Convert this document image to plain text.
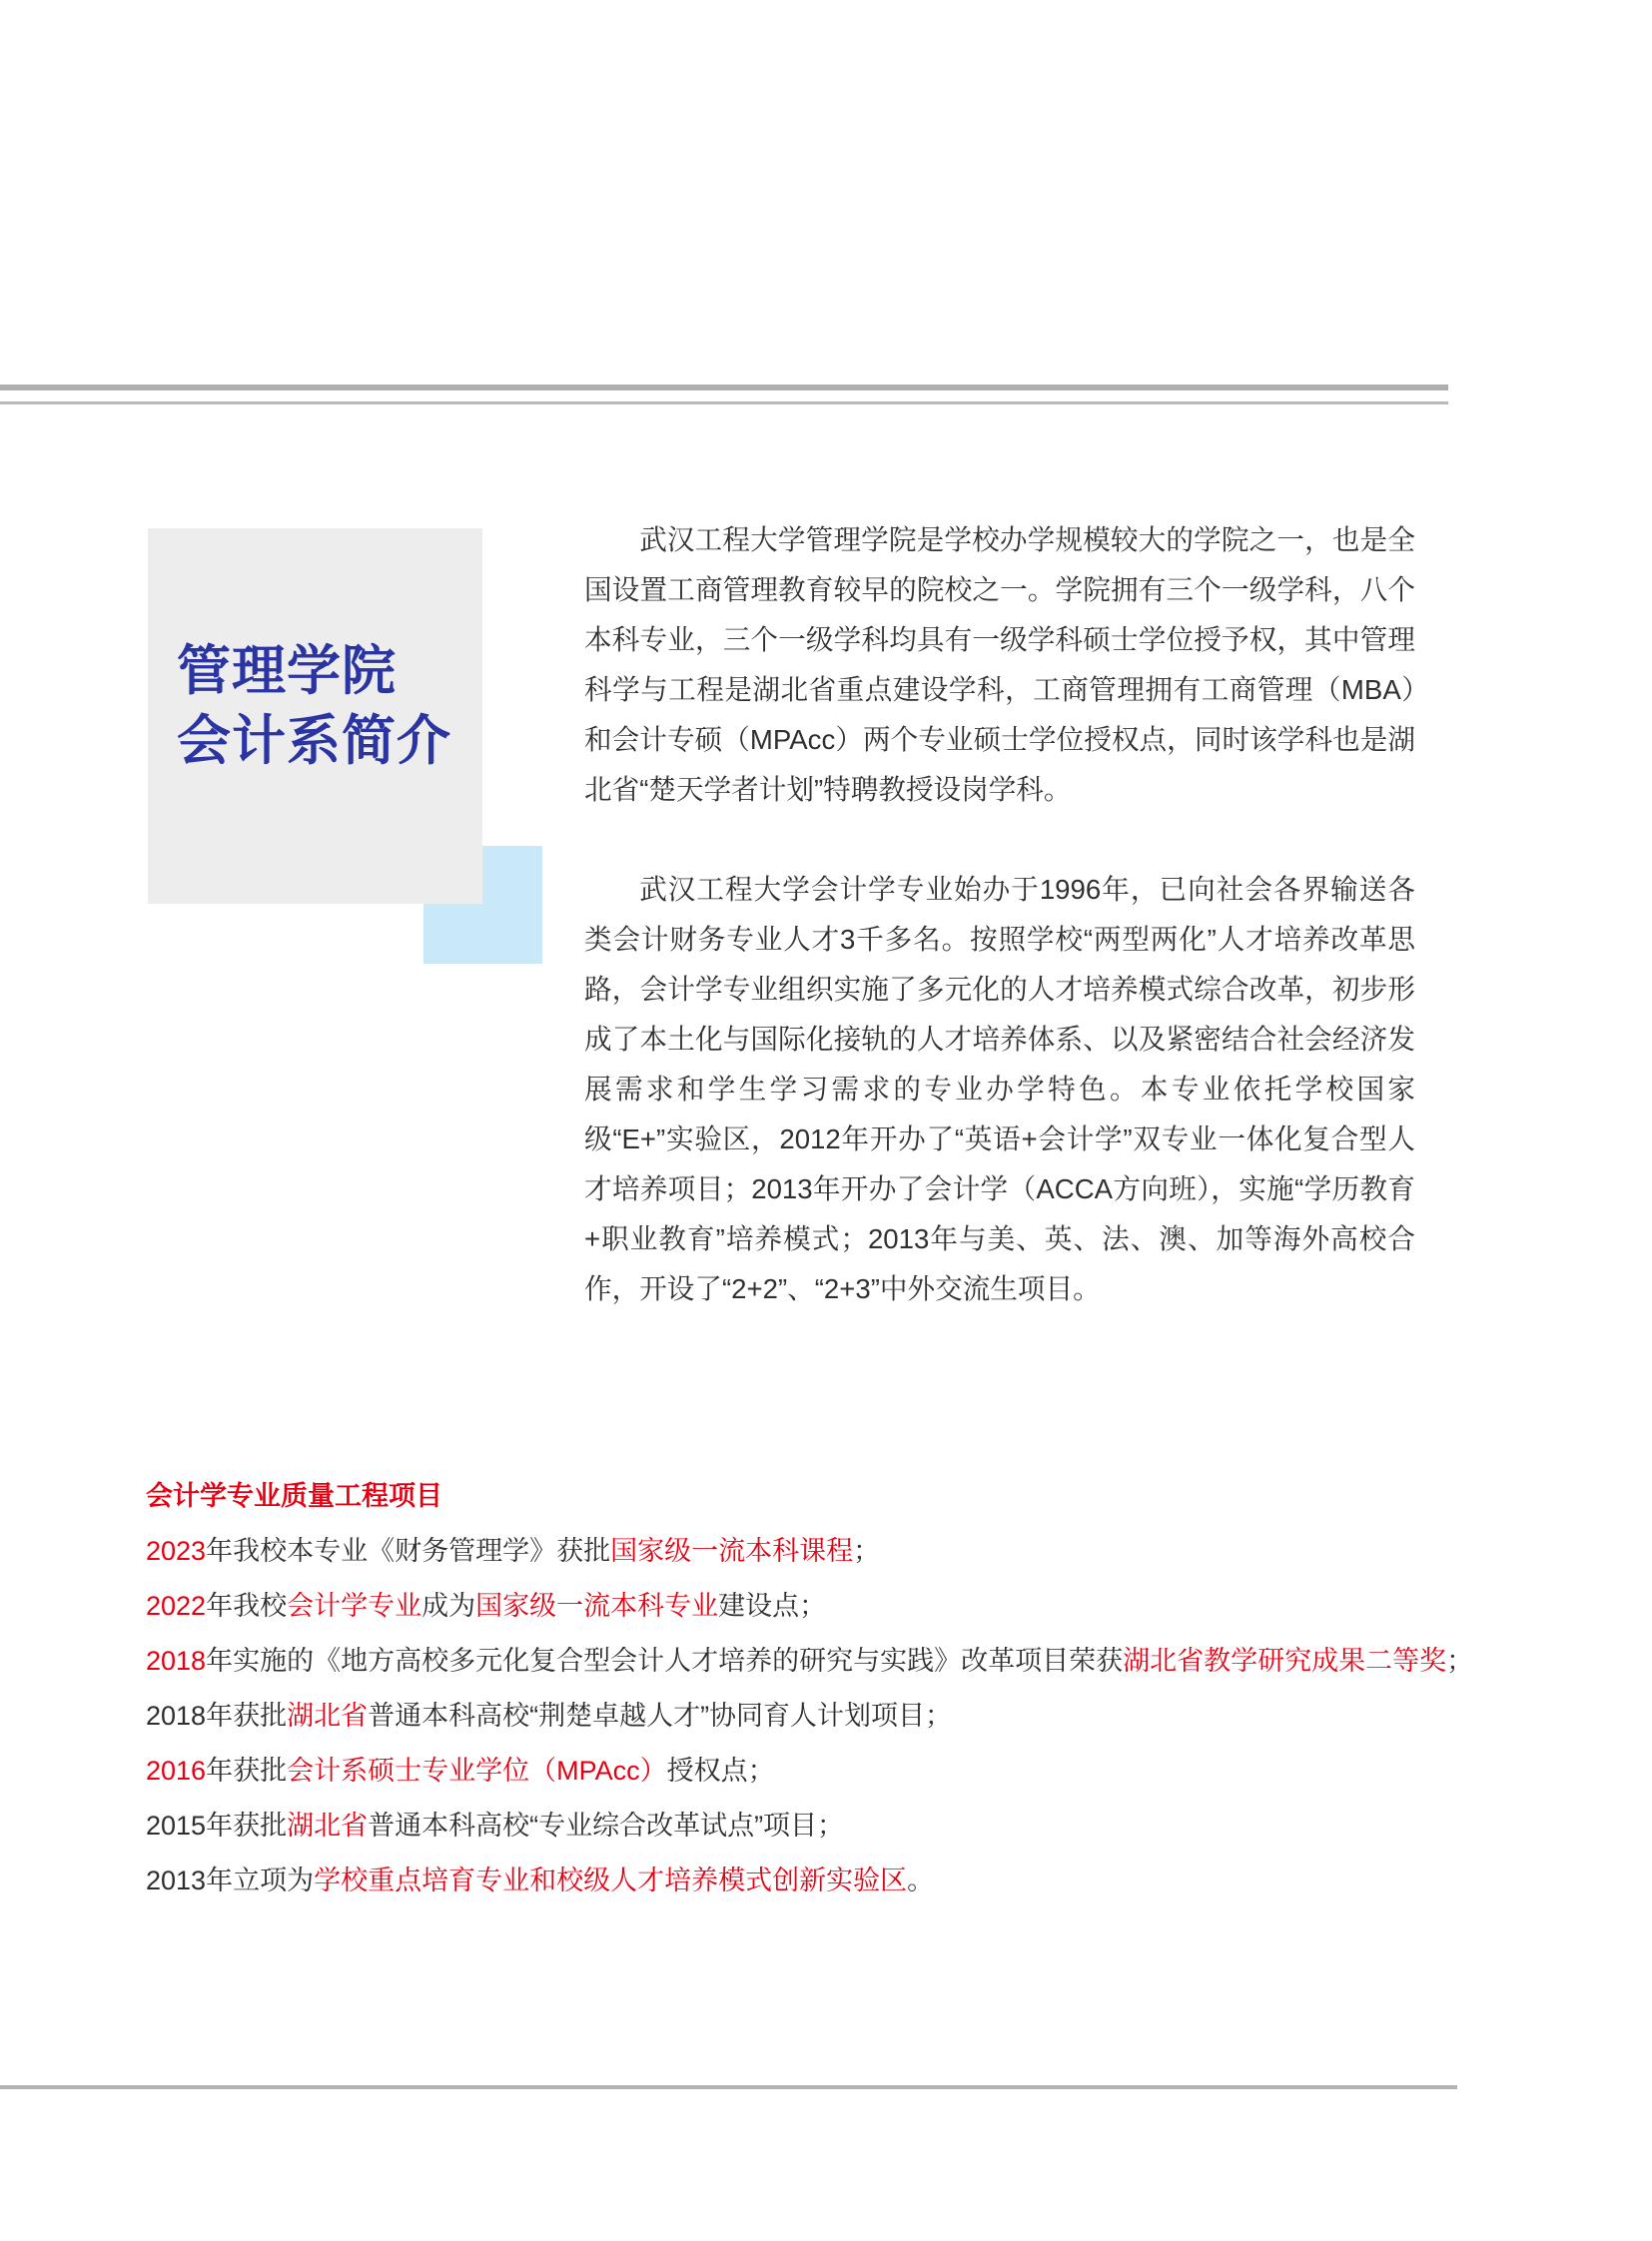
管理学院
会计系简介

武汉工程大学管理学院是学校办学规模较大的学院之一，也是全国设置工商管理教育较早的院校之一。学院拥有三个一级学科，八个本科专业，三个一级学科均具有一级学科硕士学位授予权，其中管理科学与工程是湖北省重点建设学科，工商管理拥有工商管理（MBA）和会计专硕（MPAcc）两个专业硕士学位授权点，同时该学科也是湖北省“楚天学者计划”特聘教授设岗学科。

武汉工程大学会计学专业始办于1996年，已向社会各界输送各类会计财务专业人才3千多名。按照学校“两型两化”人才培养改革思路，会计学专业组织实施了多元化的人才培养模式综合改革，初步形成了本土化与国际化接轨的人才培养体系、以及紧密结合社会经济发展需求和学生学习需求的专业办学特色。本专业依托学校国家级“E+”实验区，2012年开办了“英语+会计学”双专业一体化复合型人才培养项目；2013年开办了会计学（ACCA方向班），实施“学历教育+职业教育”培养模式；2013年与美、英、法、澳、加等海外高校合作，开设了“2+2”、“2+3”中外交流生项目。

会计学专业质量工程项目
2023年我校本专业《财务管理学》获批国家级一流本科课程；
2022年我校会计学专业成为国家级一流本科专业建设点；
2018年实施的《地方高校多元化复合型会计人才培养的研究与实践》改革项目荣获湖北省教学研究成果二等奖；
2018年获批湖北省普通本科高校“荆楚卓越人才”协同育人计划项目；
2016年获批会计系硕士专业学位（MPAcc）授权点；
2015年获批湖北省普通本科高校“专业综合改革试点”项目；
2013年立项为学校重点培育专业和校级人才培养模式创新实验区。
